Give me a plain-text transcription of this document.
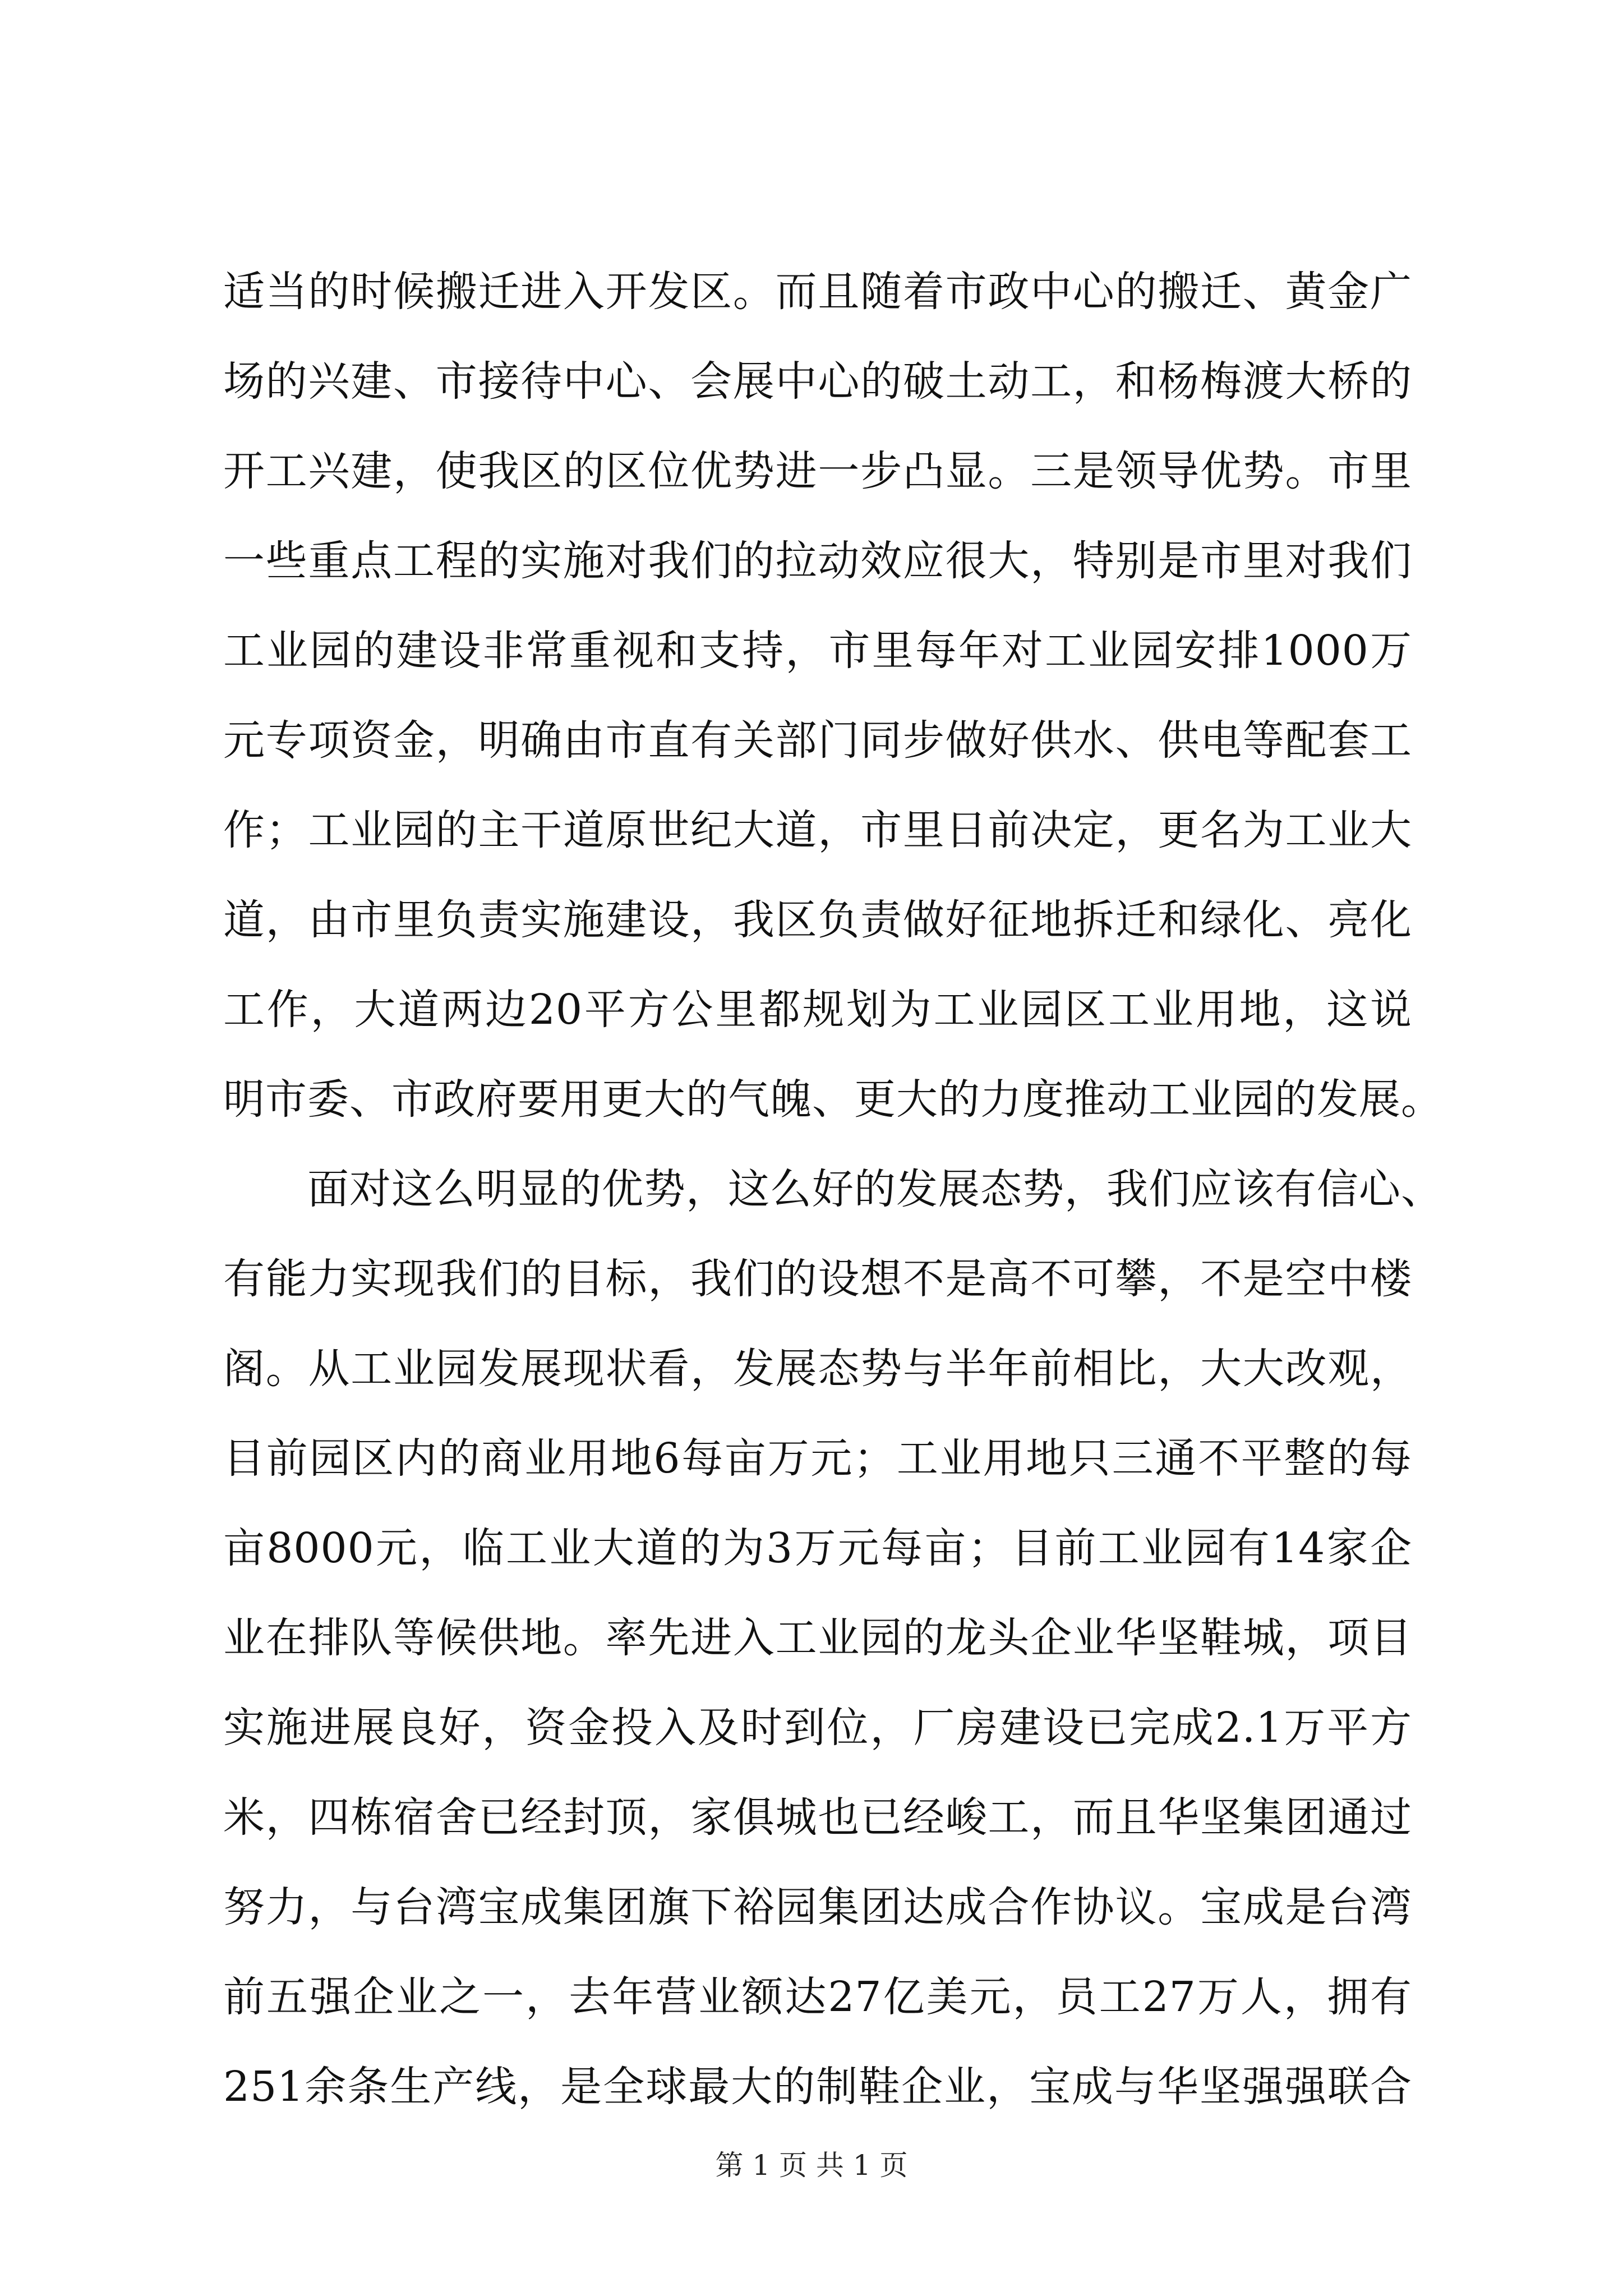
适当的时候搬迁进入开发区。而且随着市政中心的搬迁、黄金广
场的兴建、市接待中心、会展中心的破土动工，和杨梅渡大桥的
开工兴建，使我区的区位优势进一步凸显。三是领导优势。市里
一些重点工程的实施对我们的拉动效应很大，特别是市里对我们
工业园的建设非常重视和支持，市里每年对工业园安排1000万
元专项资金，明确由市直有关部门同步做好供水、供电等配套工
作；工业园的主干道原世纪大道，市里日前决定，更名为工业大
道，由市里负责实施建设，我区负责做好征地拆迁和绿化、亮化
工作，大道两边20平方公里都规划为工业园区工业用地，这说
明市委、市政府要用更大的气魄、更大的力度推动工业园的发展。
面对这么明显的优势，这么好的发展态势，我们应该有信心、
有能力实现我们的目标，我们的设想不是高不可攀，不是空中楼
阁。从工业园发展现状看，发展态势与半年前相比，大大改观，
目前园区内的商业用地6每亩万元；工业用地只三通不平整的每
亩8000元，临工业大道的为3万元每亩；目前工业园有14家企
业在排队等候供地。率先进入工业园的龙头企业华坚鞋城，项目
实施进展良好，资金投入及时到位，厂房建设已完成2.1万平方
米，四栋宿舍已经封顶，家俱城也已经峻工，而且华坚集团通过
努力，与台湾宝成集团旗下裕园集团达成合作协议。宝成是台湾
前五强企业之一，去年营业额达27亿美元，员工27万人，拥有
251余条生产线，是全球最大的制鞋企业，宝成与华坚强强联合
第 1 页 共 1 页
